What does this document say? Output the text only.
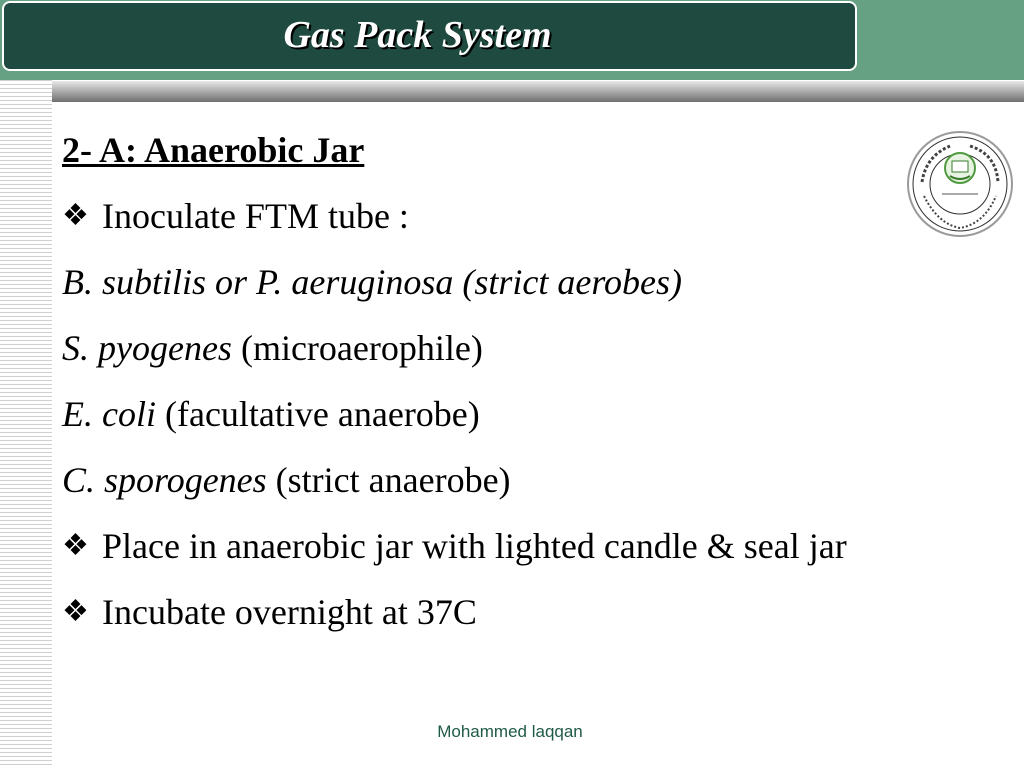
Gas Pack System
2- A: Anaerobic Jar
❖ Inoculate FTM tube :
B. subtilis or P. aeruginosa (strict aerobes)
S. pyogenes (microaerophile)
E. coli (facultative anaerobe)
C. sporogenes (strict anaerobe)
❖ Place in anaerobic jar with lighted candle & seal jar
❖ Incubate overnight at 37C
Mohammed laqqan
